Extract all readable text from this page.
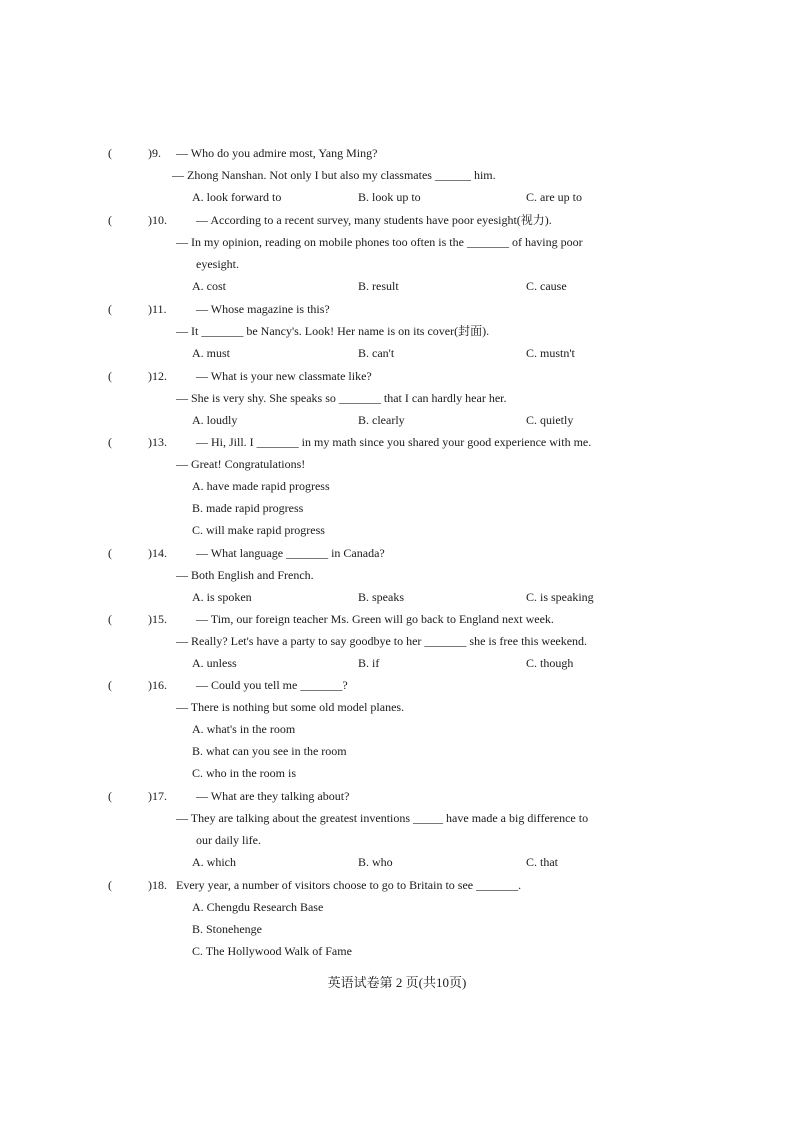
(	)9. — Who do you admire most, Yang Ming?
— Zhong Nanshan. Not only I but also my classmates ______ him.
A. look forward to	B. look up to	C. are up to
(	)10. — According to a recent survey, many students have poor eyesight(视力).
— In my opinion, reading on mobile phones too often is the _______ of having poor
eyesight.
A. cost	B. result	C. cause
(	)11. — Whose magazine is this?
— It _______ be Nancy's. Look! Her name is on its cover(封面).
A. must	B. can't	C. mustn't
(	)12. — What is your new classmate like?
— She is very shy. She speaks so _______ that I can hardly hear her.
A. loudly	B. clearly	C. quietly
(	)13. — Hi, Jill. I _______ in my math since you shared your good experience with me.
— Great! Congratulations!
A. have made rapid progress
B. made rapid progress
C. will make rapid progress
(	)14. — What language _______ in Canada?
— Both English and French.
A. is spoken	B. speaks	C. is speaking
(	)15. — Tim, our foreign teacher Ms. Green will go back to England next week.
— Really? Let's have a party to say goodbye to her _______ she is free this weekend.
A. unless	B. if	C. though
(	)16. — Could you tell me _______?
— There is nothing but some old model planes.
A. what's in the room
B. what can you see in the room
C. who in the room is
(	)17. — What are they talking about?
— They are talking about the greatest inventions _____ have made a big difference to
our daily life.
A. which	B. who	C. that
(	)18. Every year, a number of visitors choose to go to Britain to see _______.
A. Chengdu Research Base
B. Stonehenge
C. The Hollywood Walk of Fame
英语试卷第 2 页(共10页)
